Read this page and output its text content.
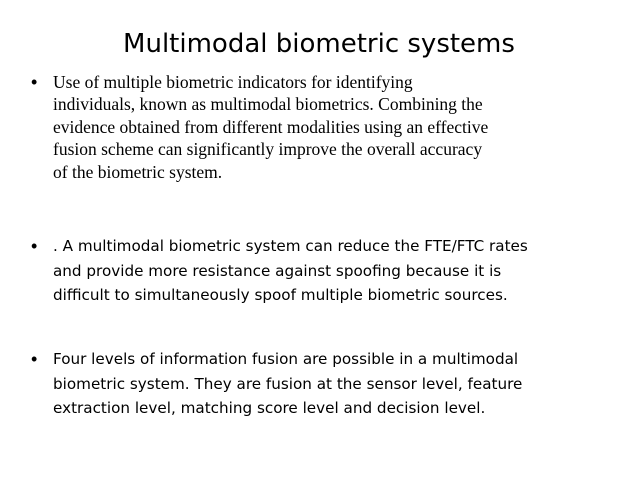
Multimodal biometric systems
• Use of multiple biometric indicators for identifying
individuals, known as multimodal biometrics. Combining the
evidence obtained from different modalities using an effective
fusion scheme can significantly improve the overall accuracy
of the biometric system.
• . A multimodal biometric system can reduce the FTE/FTC rates
and provide more resistance against spoofing because it is
difficult to simultaneously spoof multiple biometric sources.
• Four levels of information fusion are possible in a multimodal
biometric system. They are fusion at the sensor level, feature
extraction level, matching score level and decision level.
